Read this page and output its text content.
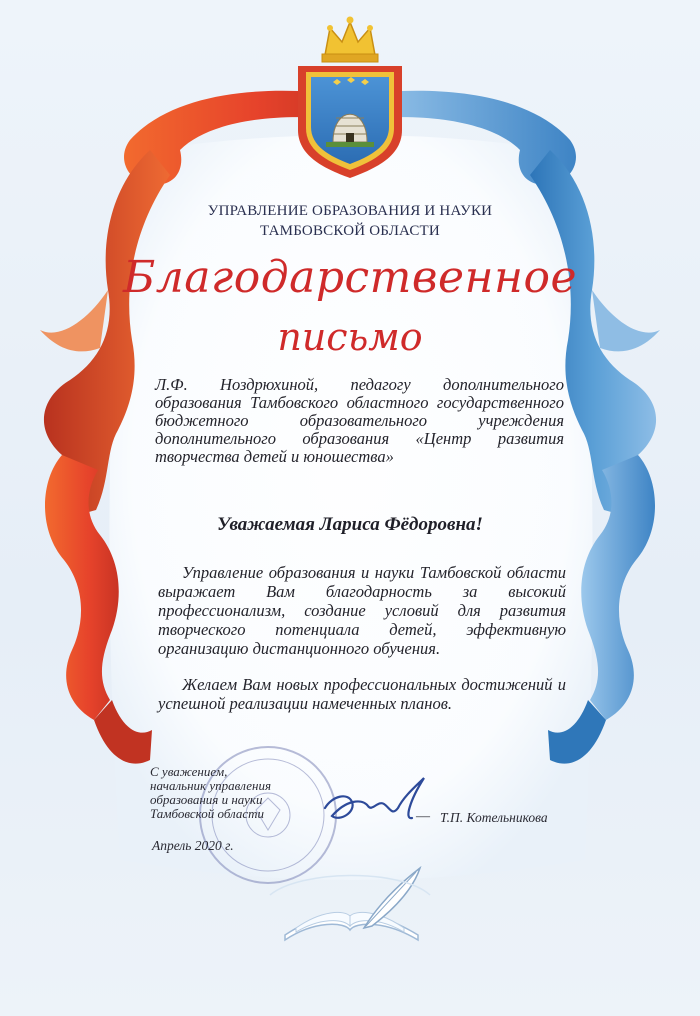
УПРАВЛЕНИЕ ОБРАЗОВАНИЯ И НАУКИ
ТАМБОВСКОЙ ОБЛАСТИ
Благодарственное
письмо
Л.Ф. Ноздрюхиной, педагогу дополнительного образования Тамбовского областного государственного бюджетного образовательного учреждения дополнительного образования «Центр развития творчества детей и юношества»
Уважаемая Лариса Фёдоровна!
Управление образования и науки Тамбовской области выражает Вам благодарность за высокий профессионализм, создание условий для развития творческого потенциала детей, эффективную организацию дистанционного обучения.
Желаем Вам новых профессиональных достижений и успешной реализации намеченных планов.
С уважением,
начальник управления
образования и науки
Тамбовской области	— Т.П. Котельникова
Апрель 2020 г.
